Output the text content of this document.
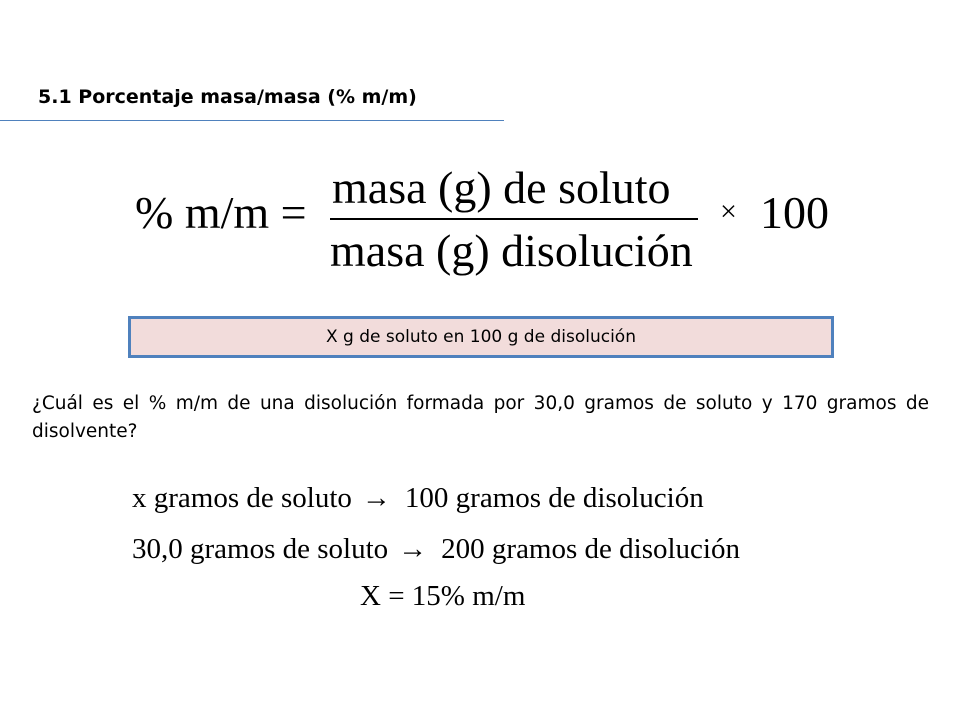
5.1 Porcentaje masa/masa (% m/m)
% m/m = masa (g) de soluto
masa (g) disolución
× 100
X g de soluto en 100 g de disolución
¿Cuál es el % m/m de una disolución formada por 30,0 gramos de soluto y 170 gramos de disolvente?
x gramos de soluto → 100 gramos de disolución
30,0 gramos de soluto → 200 gramos de disolución
X = 15% m/m
